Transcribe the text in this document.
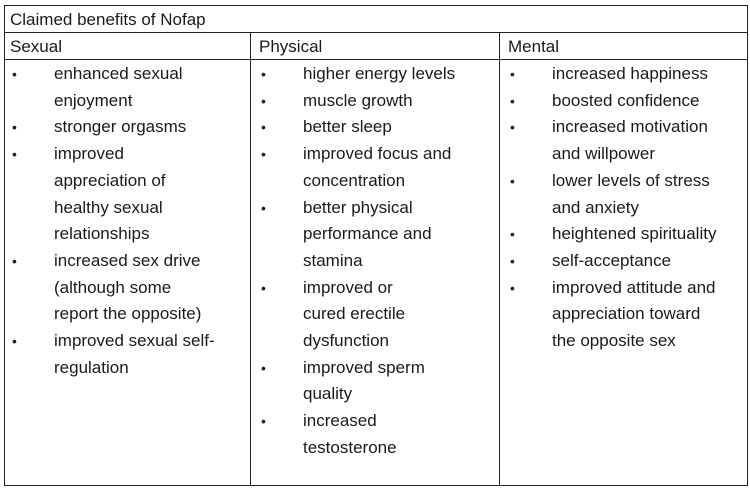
Claimed benefits of Nofap
Sexual	Physical	Mental
• enhanced sexual
enjoyment
• stronger orgasms
• improved
appreciation of
healthy sexual
relationships
• increased sex drive
(although some
report the opposite)
• improved sexual self-
regulation
• higher energy levels
• muscle growth
• better sleep
• improved focus and
concentration
• better physical
performance and
stamina
• improved or
cured erectile
dysfunction
• improved sperm
quality
• increased
testosterone
• increased happiness
• boosted confidence
• increased motivation
and willpower
• lower levels of stress
and anxiety
• heightened spirituality
• self-acceptance
• improved attitude and
appreciation toward
the opposite sex
